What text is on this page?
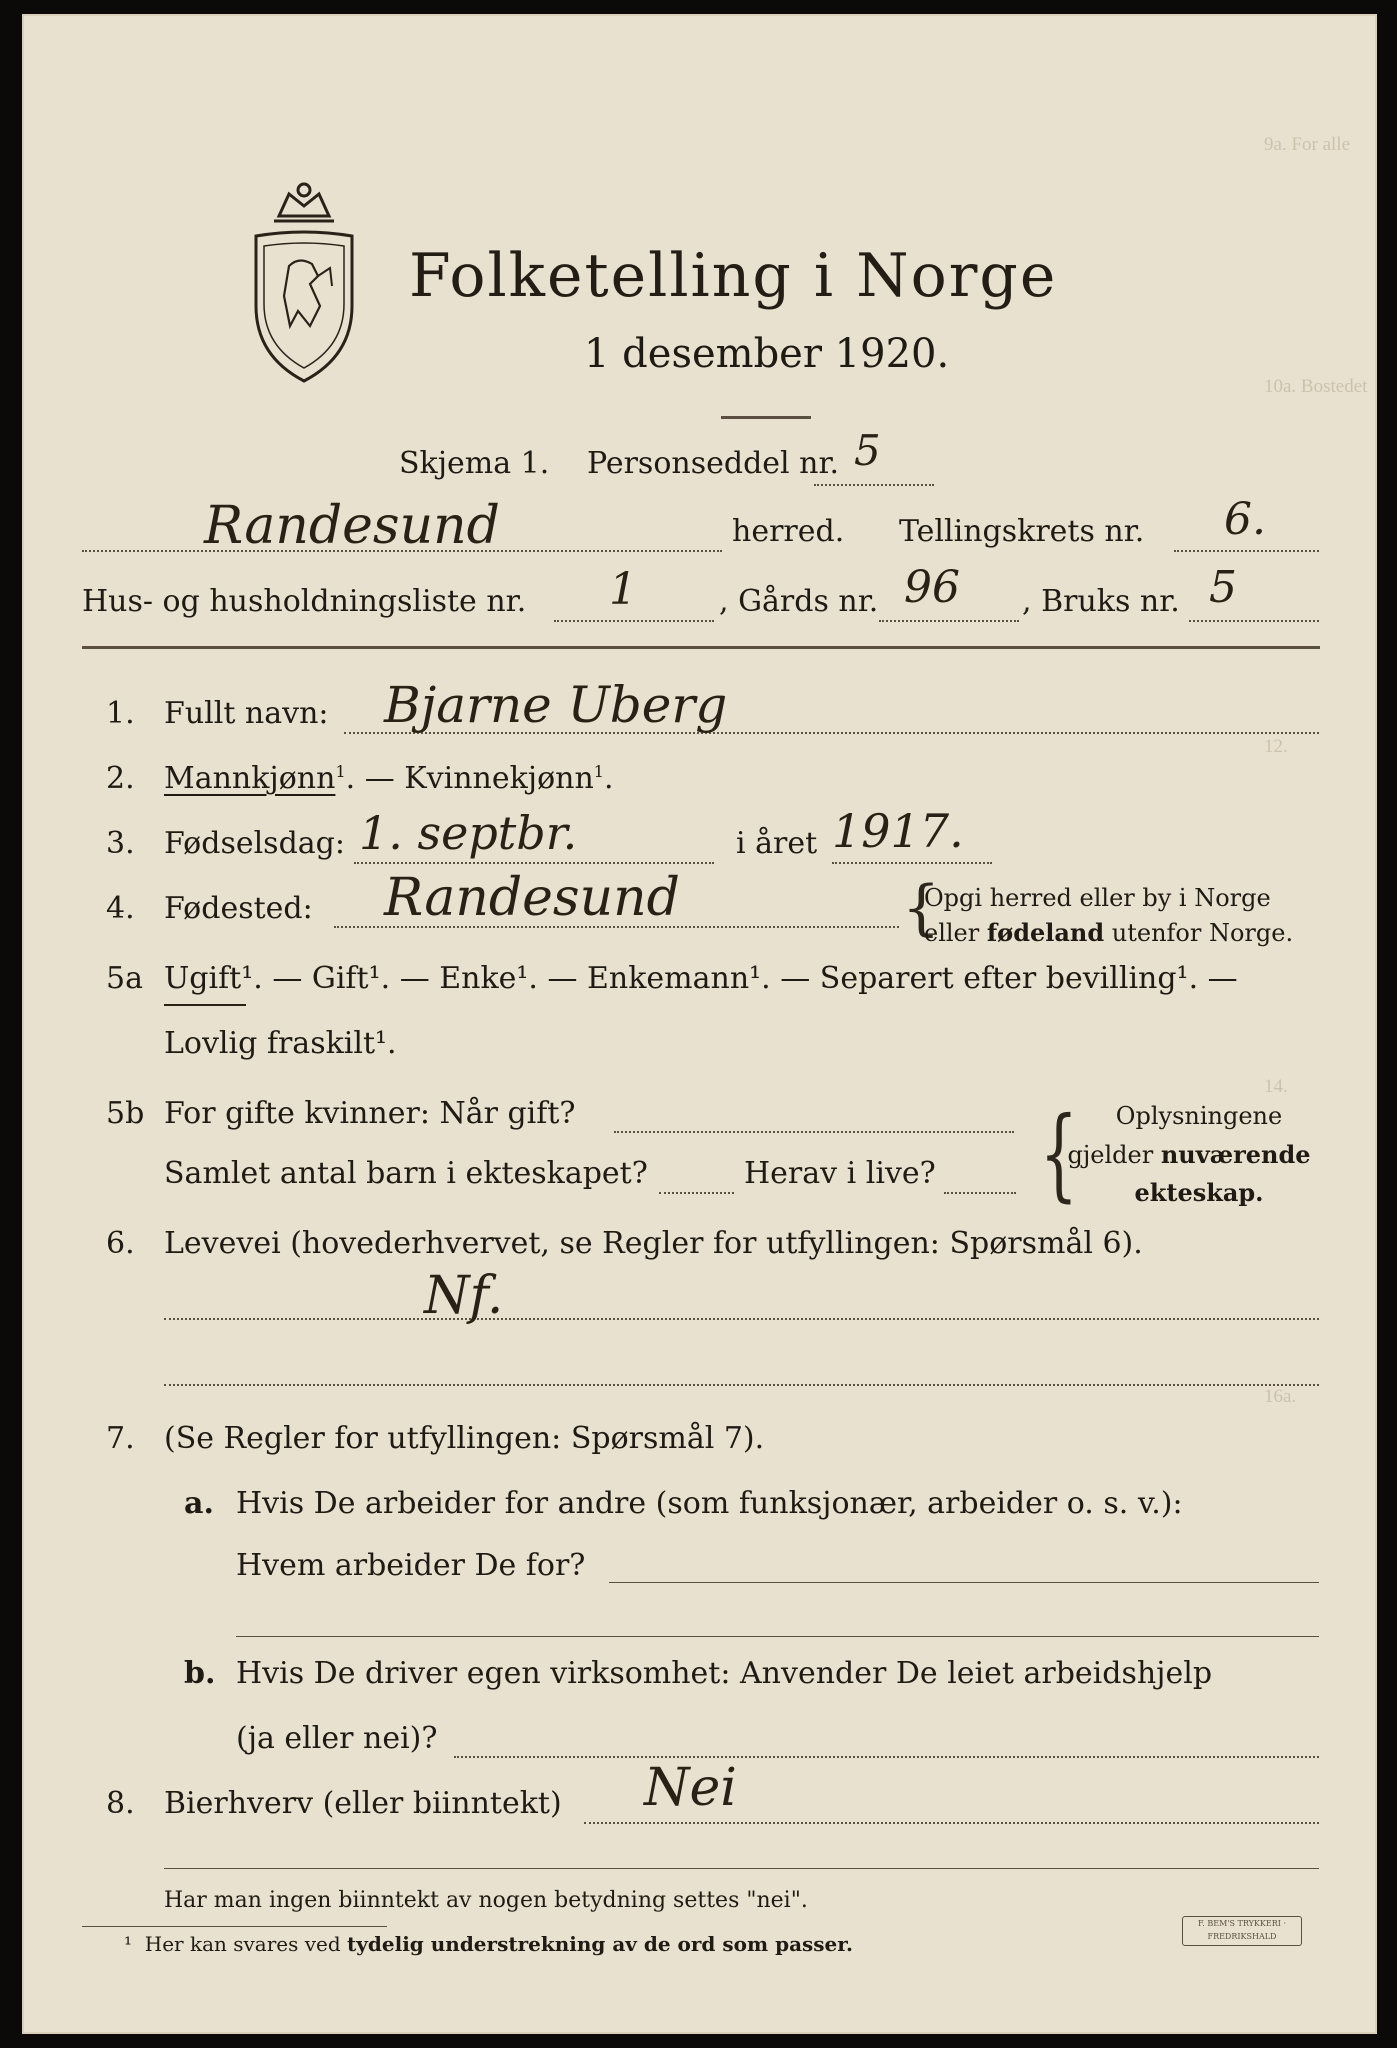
9a. For alle
10a. Bostedet
12.
14.
16a.
Folketelling i Norge
1 desember 1920.
Skjema 1. Personseddel nr. 5
Randesund	herred. Tellingskrets nr. 6.
Hus- og husholdningsliste nr. 1	, Gårds nr. 96 , Bruks nr. 5
1. Fullt navn: Bjarne Uberg
2. Mannkjønn$^1$. — Kvinnekjønn$^1$.
3. Fødselsdag: 1. septbr.	i året 1917.
4. Fødested: Randesund	{
Opgi herred eller by i Norge
eller fødeland utenfor Norge.
5a Ugift¹. — Gift¹. — Enke¹. — Enkemann¹. — Separert efter bevilling¹. —
Lovlig fraskilt¹.
5b For gifte kvinner: Når gift?
Samlet antal barn i ekteskapet?	Herav i live? {	Oplysningene
gjelder nuværende
ekteskap.
6. Levevei (hovederhvervet, se Regler for utfyllingen: Spørsmål 6).
Nf.
7. (Se Regler for utfyllingen: Spørsmål 7).
a. Hvis De arbeider for andre (som funksjonær, arbeider o. s. v.):
Hvem arbeider De for?
b. Hvis De driver egen virksomhet: Anvender De leiet arbeidshjelp
(ja eller nei)?
8. Bierhverv (eller biinntekt) Nei
Har man ingen biinntekt av nogen betydning settes "nei".
¹ Her kan svares ved tydelig understrekning av de ord som passer.
F. BEM'S TRYKKERI · FREDRIKSHALD
